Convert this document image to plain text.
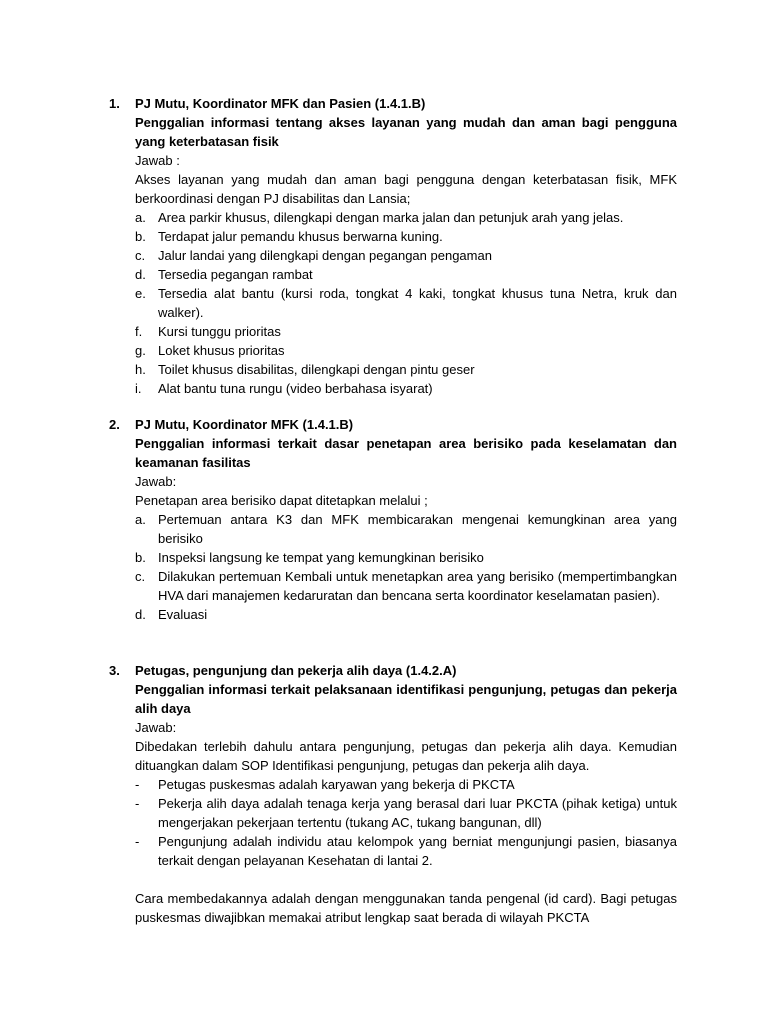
1.	PJ Mutu, Koordinator MFK dan Pasien (1.4.1.B)
Penggalian informasi tentang akses layanan yang mudah dan aman bagi pengguna yang keterbatasan fisik
Jawab :
Akses layanan yang mudah dan aman bagi pengguna dengan keterbatasan fisik, MFK berkoordinasi dengan PJ disabilitas dan Lansia;
a. Area parkir khusus, dilengkapi dengan marka jalan dan petunjuk arah yang jelas.
b. Terdapat jalur pemandu khusus berwarna kuning.
c. Jalur landai yang dilengkapi dengan pegangan pengaman
d. Tersedia pegangan rambat
e. Tersedia alat bantu (kursi roda, tongkat 4 kaki, tongkat khusus tuna Netra, kruk dan walker).
f. Kursi tunggu prioritas
g. Loket khusus prioritas
h. Toilet khusus disabilitas, dilengkapi dengan pintu geser
i. Alat bantu tuna rungu (video berbahasa isyarat)
2.	PJ Mutu, Koordinator MFK (1.4.1.B)
Penggalian informasi terkait dasar penetapan area berisiko pada keselamatan dan keamanan fasilitas
Jawab:
Penetapan area berisiko dapat ditetapkan melalui ;
a. Pertemuan antara K3 dan MFK membicarakan mengenai kemungkinan area yang berisiko
b. Inspeksi langsung ke tempat yang kemungkinan berisiko
c. Dilakukan pertemuan Kembali untuk menetapkan area yang berisiko (mempertimbangkan HVA dari manajemen kedaruratan dan bencana serta koordinator keselamatan pasien).
d. Evaluasi
3.	Petugas, pengunjung dan pekerja alih daya (1.4.2.A)
Penggalian informasi terkait pelaksanaan identifikasi pengunjung, petugas dan pekerja alih daya
Jawab:
Dibedakan terlebih dahulu antara pengunjung, petugas dan pekerja alih daya. Kemudian dituangkan dalam SOP Identifikasi pengunjung, petugas dan pekerja alih daya.
- Petugas puskesmas adalah karyawan yang bekerja di PKCTA
- Pekerja alih daya adalah tenaga kerja yang berasal dari luar PKCTA (pihak ketiga) untuk mengerjakan pekerjaan tertentu (tukang AC, tukang bangunan, dll)
- Pengunjung adalah individu atau kelompok yang berniat mengunjungi pasien, biasanya terkait dengan pelayanan Kesehatan di lantai 2.
Cara membedakannya adalah dengan menggunakan tanda pengenal (id card). Bagi petugas puskesmas diwajibkan memakai atribut lengkap saat berada di wilayah PKCTA
